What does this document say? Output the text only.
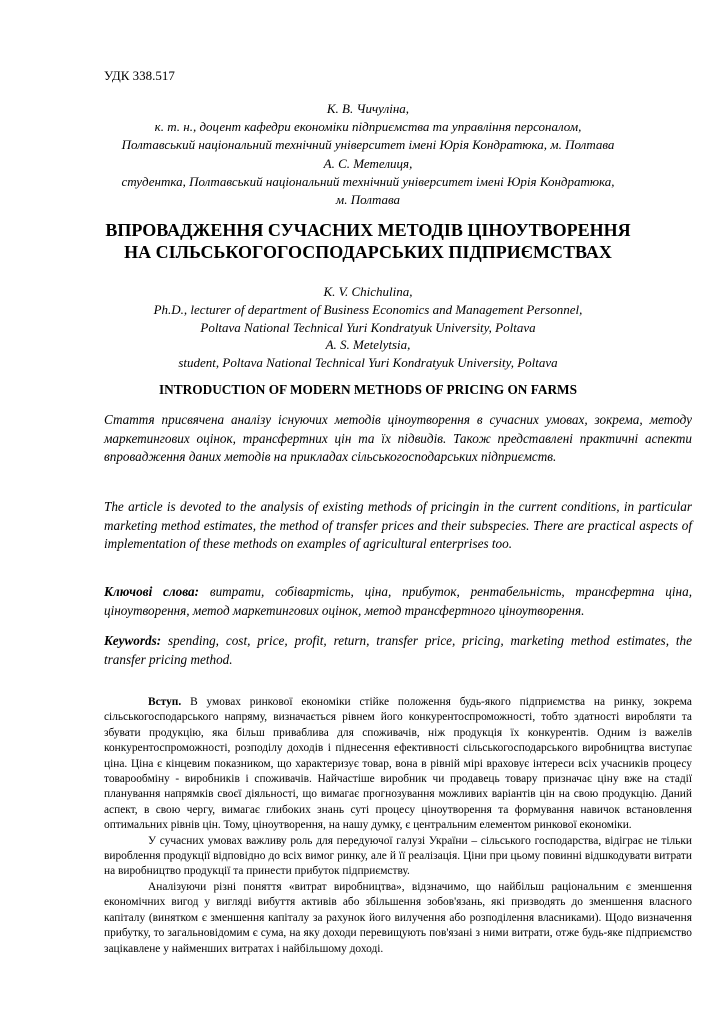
УДК 338.517
К. В. Чичуліна,
к. т. н., доцент кафедри економіки підприємства та управління персоналом,
Полтавський національний технічний університет імені Юрія Кондратюка, м. Полтава
А. С. Метелиця,
студентка, Полтавський національний технічний університет імені Юрія Кондратюка,
м. Полтава
ВПРОВАДЖЕННЯ СУЧАСНИХ МЕТОДІВ ЦІНОУТВОРЕННЯ
НА СІЛЬСЬКОГОГОСПОДАРСЬКИХ ПІДПРИЄМСТВАХ
K. V. Chichulina,
Ph.D., lecturer of department of Business Economics and Management Personnel,
Poltava National Technical Yuri Kondratyuk University, Poltava
A. S. Metelytsia,
student, Poltava National Technical Yuri Kondratyuk University, Poltava
INTRODUCTION OF MODERN METHODS OF PRICING ON FARMS
Стаття присвячена аналізу існуючих методів ціноутворення в сучасних умовах, зокрема, методу маркетингових оцінок, трансфертних цін та їх підвидів. Також представлені практичні аспекти впровадження даних методів на прикладах сільськогосподарських підприємств.
The article is devoted to the analysis of existing methods of pricingin in the current conditions, in particular marketing method estimates, the method of transfer prices and their subspecies. There are practical aspects of implementation of these methods on examples of agricultural enterprises too.
Ключові слова: витрати, собівартість, ціна, прибуток, рентабельність, трансфертна ціна, ціноутворення, метод маркетингових оцінок, метод трансфертного ціноутворення.
Keywords: spending, cost, price, profit, return, transfer price, pricing, marketing method estimates, the transfer pricing method.

Вступ. В умовах ринкової економіки стійке положення будь-якого підприємства на ринку, зокрема сільськогосподарського напряму, визначається рівнем його конкурентоспроможності, тобто здатності виробляти та збувати продукцію, яка більш приваблива для споживачів, ніж продукція їх конкурентів. Одним із важелів конкурентоспроможності, розподілу доходів і піднесення ефективності сільськогосподарського виробництва виступає ціна. Ціна є кінцевим показником, що характеризує товар, вона в рівній мірі враховує інтереси всіх учасників процесу товарообміну - виробників і споживачів. Найчастіше виробник чи продавець товару призначає ціну вже на стадії планування напрямків своєї діяльності, що вимагає прогнозування можливих варіантів цін на свою продукцію. Даний аспект, в свою чергу, вимагає глибоких знань суті процесу ціноутворення та формування навичок встановлення оптимальних рівнів цін. Тому, ціноутворення, на нашу думку, є центральним елементом ринкової економіки.

У сучасних умовах важливу роль для передуючої галузі України – сільського господарства, відіграє не тільки вироблення продукції відповідно до всіх вимог ринку, але й її реалізація. Ціни при цьому повинні відшкодувати витрати на виробництво продукції та принести прибуток підприємству.

Аналізуючи різні поняття «витрат виробництва», відзначимо, що найбільш раціональним є зменшення економічних вигод у вигляді вибуття активів або збільшення зобов'язань, які призводять до зменшення власного капіталу (винятком є зменшення капіталу за рахунок його вилучення або розподілення власниками). Щодо визначення прибутку, то загальновідомим є сума, на яку доходи перевищують пов'язані з ними витрати, отже будь-яке підприємство зацікавлене у найменших витратах і найбільшому доході.
